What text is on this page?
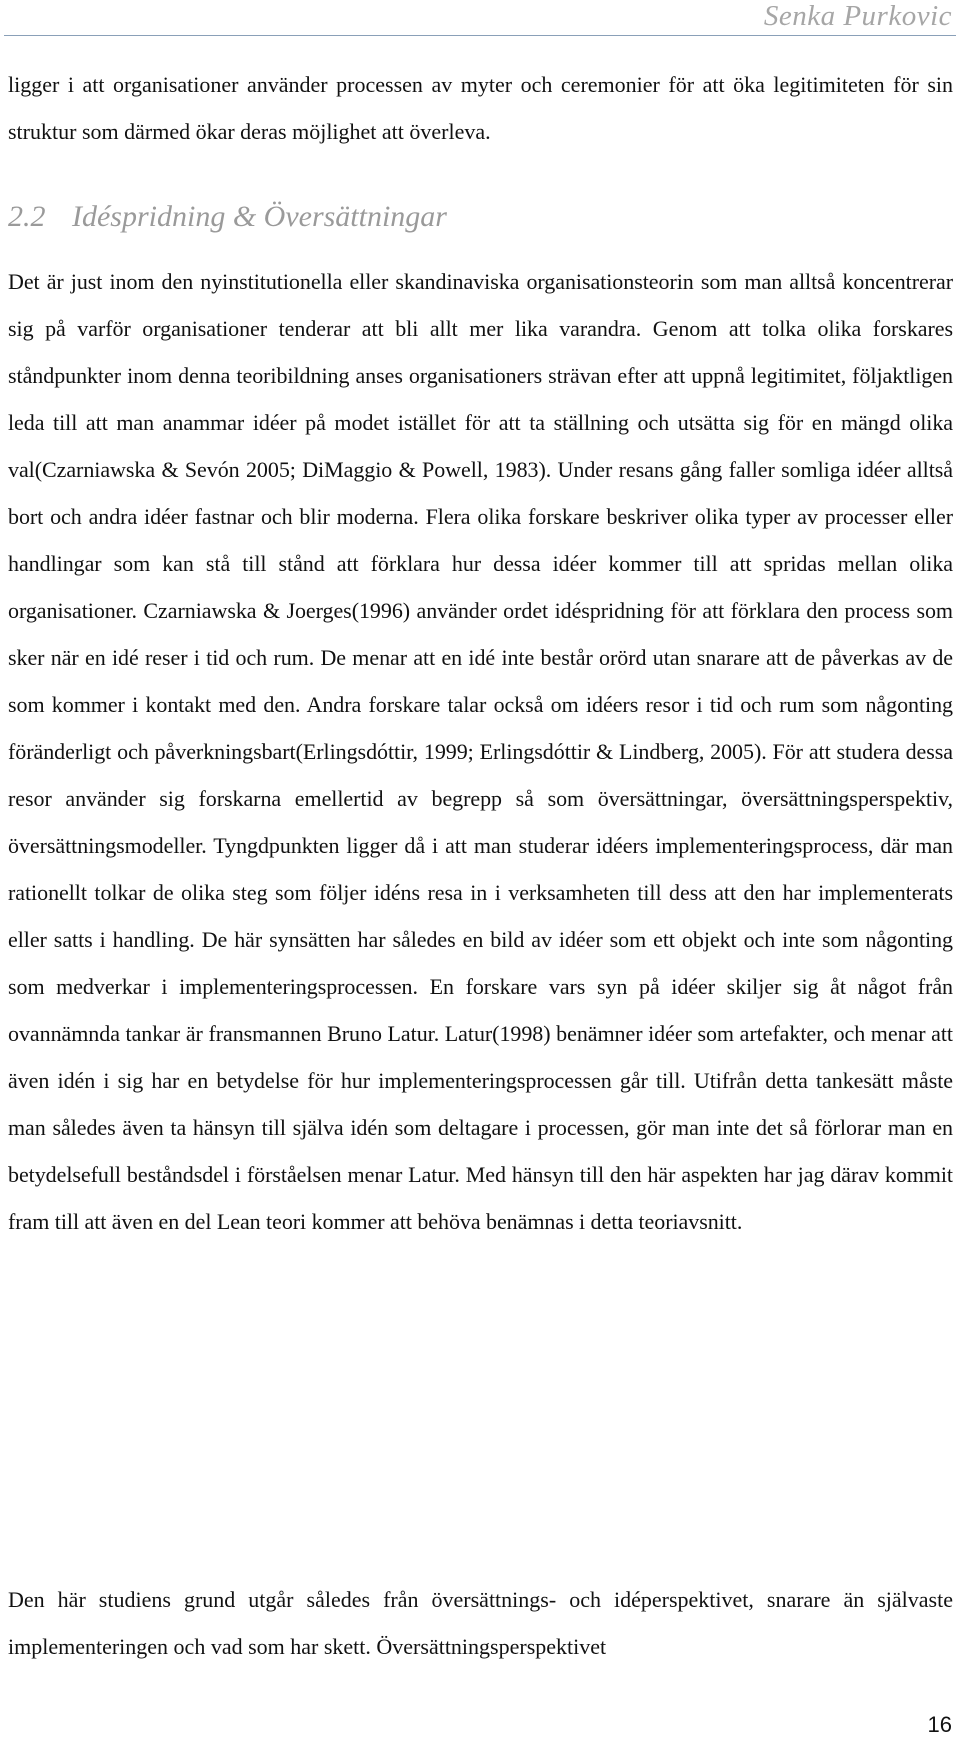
Senka Purkovic

ligger i att organisationer använder processen av myter och ceremonier för att öka legitimiteten för sin struktur som därmed ökar deras möjlighet att överleva.

2.2 Idéspridning & Översättningar

Det är just inom den nyinstitutionella eller skandinaviska organisationsteorin som man alltså koncentrerar sig på varför organisationer tenderar att bli allt mer lika varandra. Genom att tolka olika forskares ståndpunkter inom denna teoribildning anses organisationers strävan efter att uppnå legitimitet, följaktligen leda till att man anammar idéer på modet istället för att ta ställning och utsätta sig för en mängd olika val(Czarniawska & Sevón 2005; DiMaggio & Powell, 1983). Under resans gång faller somliga idéer alltså bort och andra idéer fastnar och blir moderna. Flera olika forskare beskriver olika typer av processer eller handlingar som kan stå till stånd att förklara hur dessa idéer kommer till att spridas mellan olika organisationer. Czarniawska & Joerges(1996) använder ordet idéspridning för att förklara den process som sker när en idé reser i tid och rum. De menar att en idé inte består orörd utan snarare att de påverkas av de som kommer i kontakt med den. Andra forskare talar också om idéers resor i tid och rum som någonting föränderligt och påverkningsbart(Erlingsdóttir, 1999; Erlingsdóttir & Lindberg, 2005). För att studera dessa resor använder sig forskarna emellertid av begrepp så som översättningar, översättningsperspektiv, översättningsmodeller. Tyngdpunkten ligger då i att man studerar idéers implementeringsprocess, där man rationellt tolkar de olika steg som följer idéns resa in i verksamheten till dess att den har implementerats eller satts i handling. De här synsätten har således en bild av idéer som ett objekt och inte som någonting som medverkar i implementeringsprocessen. En forskare vars syn på idéer skiljer sig åt något från ovannämnda tankar är fransmannen Bruno Latur. Latur(1998) benämner idéer som artefakter, och menar att även idén i sig har en betydelse för hur implementeringsprocessen går till. Utifrån detta tankesätt måste man således även ta hänsyn till själva idén som deltagare i processen, gör man inte det så förlorar man en betydelsefull beståndsdel i förståelsen menar Latur. Med hänsyn till den här aspekten har jag därav kommit fram till att även en del Lean teori kommer att behöva benämnas i detta teoriavsnitt.

Den här studiens grund utgår således från översättnings- och idéperspektivet, snarare än självaste implementeringen och vad som har skett. Översättningsperspektivet

16
